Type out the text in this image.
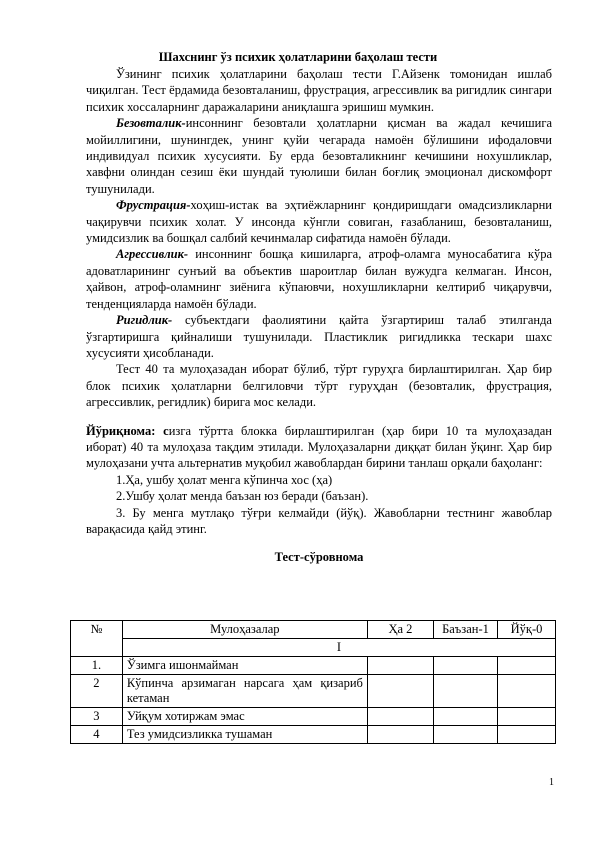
Шахснинг ўз психик ҳолатларини баҳолаш тести

Ўзининг психик ҳолатларини баҳолаш тести Г.Айзенк томонидан ишлаб чиқилган. Тест ёрдамида безовталаниш, фрустрация, агрессивлик ва ригидлик сингари психик хоссаларнинг даражаларини аниқлашга эришиш мумкин.

Безовталик-инсоннинг безовтали ҳолатларни қисман ва жадал кечишига мойиллигини, шунингдек, унинг қуйи чегарада намоён бўлишини ифодаловчи индивидуал психик хусусияти. Бу ерда безовталикнинг кечишини ноxушликлар, хавфни олиндан сезиш ёки шундай туюлиши билан боғлиқ эмоционал дискомфорт тушунилади.

Фрустрация-хоҳиш-истак ва эҳтиёжларнинг қондиришдаги омадсизликларни чақирувчи психик холат. У инсонда кўнгли совиган, ғазабланиш, безовталаниш, умидсизлик ва бошқал салбий кечинмалар сифатида намоён бўлади.

Агрессивлик- инсоннинг бошқа кишиларга, атроф-оламга муносабатига кўра адоватларининг сунъий ва объектив шароитлар билан вужудга келмаган. Инсон, ҳайвон, атроф-оламнинг зиёнига кўпаювчи, ноxушликларни келтириб чиқарувчи, тенденцияларда намоён бўлади.

Ригидлик- субъектдаги фаолиятини қайта ўзгартириш талаб этилганда ўзгартиришга қийналиши тушунилади. Пластиклик ригидликка тескари шахс хусусияти ҳисобланади.

Тест 40 та мулоҳазадан иборат бўлиб, тўрт гуруҳга бирлаштирилган. Ҳар бир блок психик ҳолатларни белгиловчи тўрт гуруҳдан (безовталик, фрустрация, агрессивлик, регидлик) бирига мос келади.

Йўриқнома: сизга тўртта блокка бирлаштирилган (ҳар бири 10 та мулоҳазадан иборат) 40 та мулоҳаза тақдим этилади. Мулоҳазаларни диққат билан ўқинг. Ҳар бир мулоҳазани учта альтернатив муқобил жавоблардан бирини танлаш орқали баҳоланг:

1.Ҳа, ушбу ҳолат менга кўпинча хос (ҳа)

2.Ушбу ҳолат менда баъзан юз беради (баъзан).

3. Бу менга мутлақо тўғри келмайди (йўқ). Жавобларни тестнинг жавоблар варақасида қайд этинг.

Тест-сўровнома

№	Мулоҳазалар	Ҳа 2	Баъзан-1	Йўқ-0
	I			
1.	Ўзимга ишонмайман			
2	Кўпинча арзимаган нарсага ҳам қизариб кетаман			
3	Уйқум хотиржам эмас			
4	Тез умидсизликка тушаман			
1
